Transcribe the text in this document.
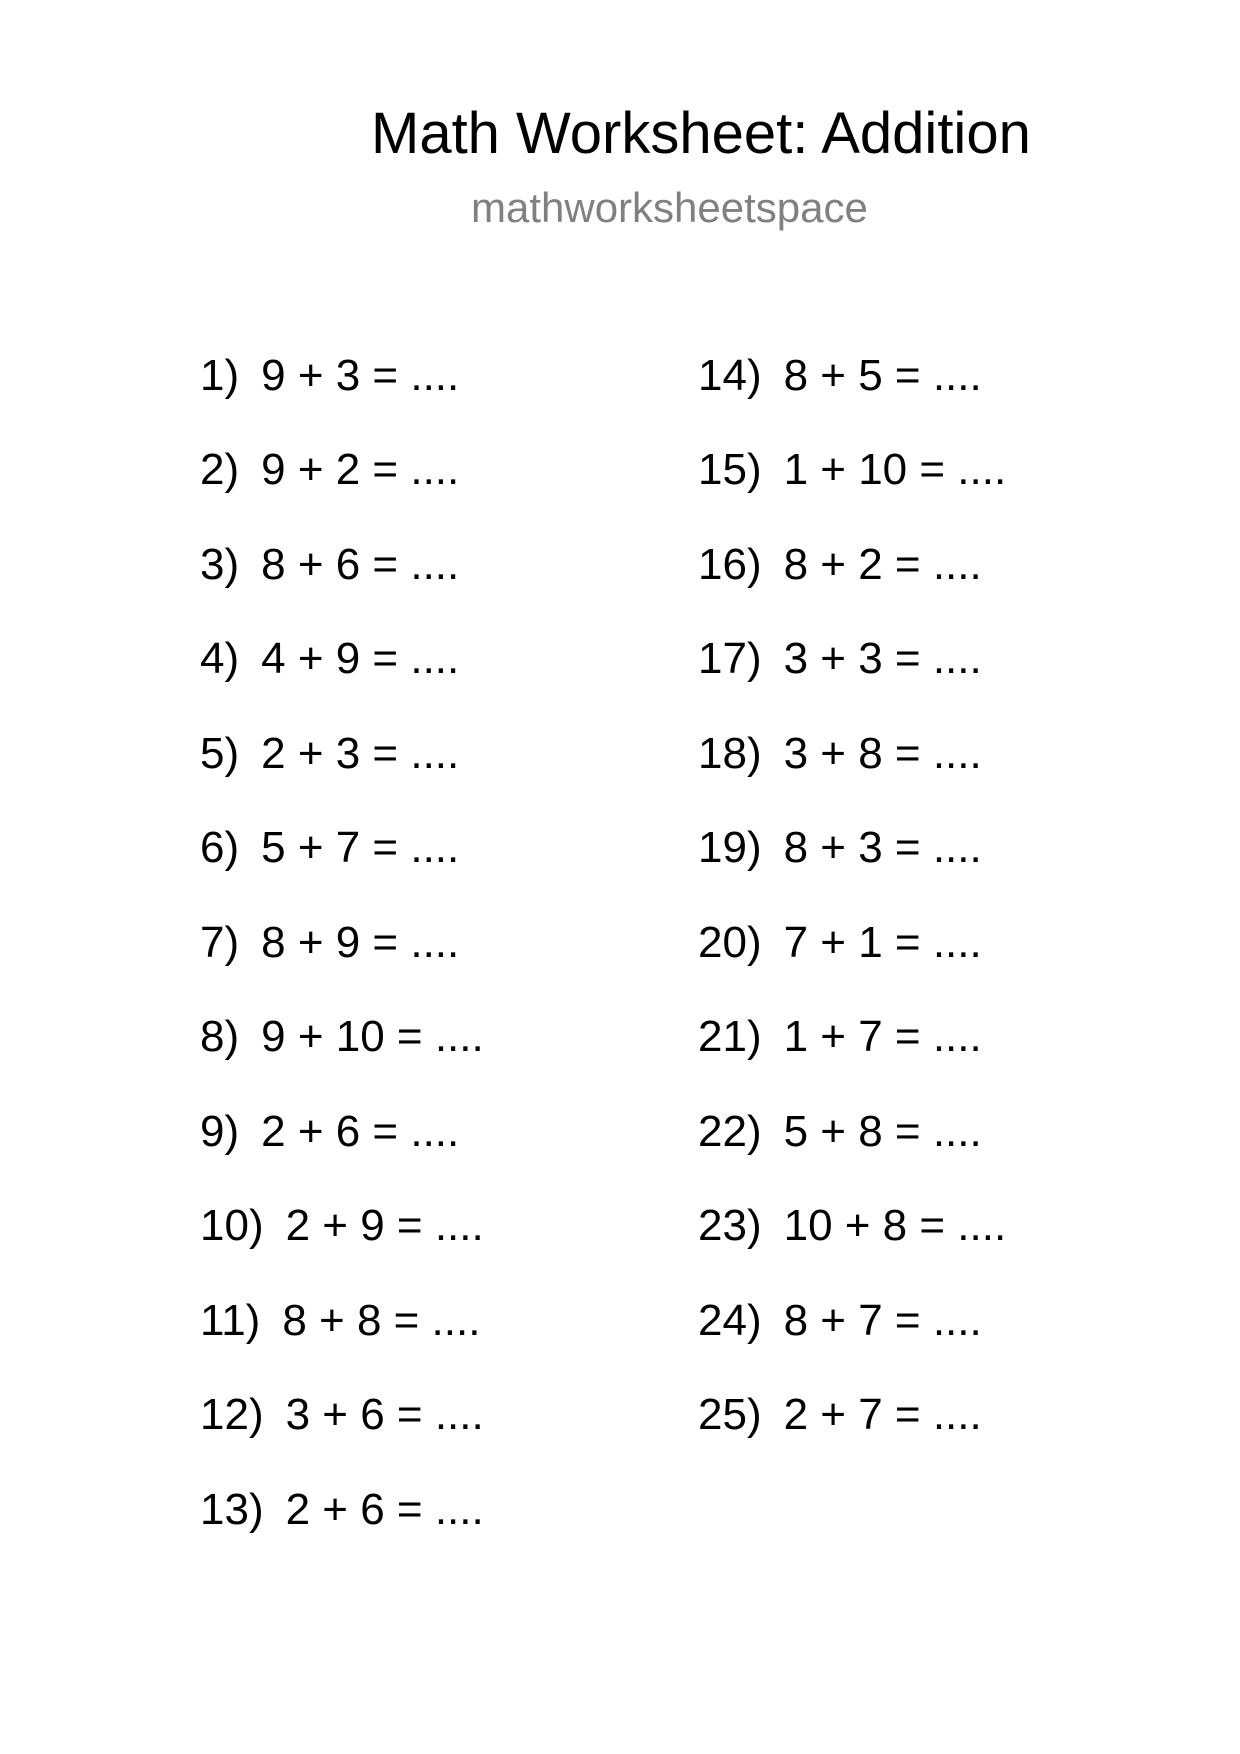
Math Worksheet: Addition
mathworksheetspace
1) 9 + 3 = ....
2) 9 + 2 = ....
3) 8 + 6 = ....
4) 4 + 9 = ....
5) 2 + 3 = ....
6) 5 + 7 = ....
7) 8 + 9 = ....
8) 9 + 10 = ....
9) 2 + 6 = ....
10) 2 + 9 = ....
11) 8 + 8 = ....
12) 3 + 6 = ....
13) 2 + 6 = ....
14) 8 + 5 = ....
15) 1 + 10 = ....
16) 8 + 2 = ....
17) 3 + 3 = ....
18) 3 + 8 = ....
19) 8 + 3 = ....
20) 7 + 1 = ....
21) 1 + 7 = ....
22) 5 + 8 = ....
23) 10 + 8 = ....
24) 8 + 7 = ....
25) 2 + 7 = ....
